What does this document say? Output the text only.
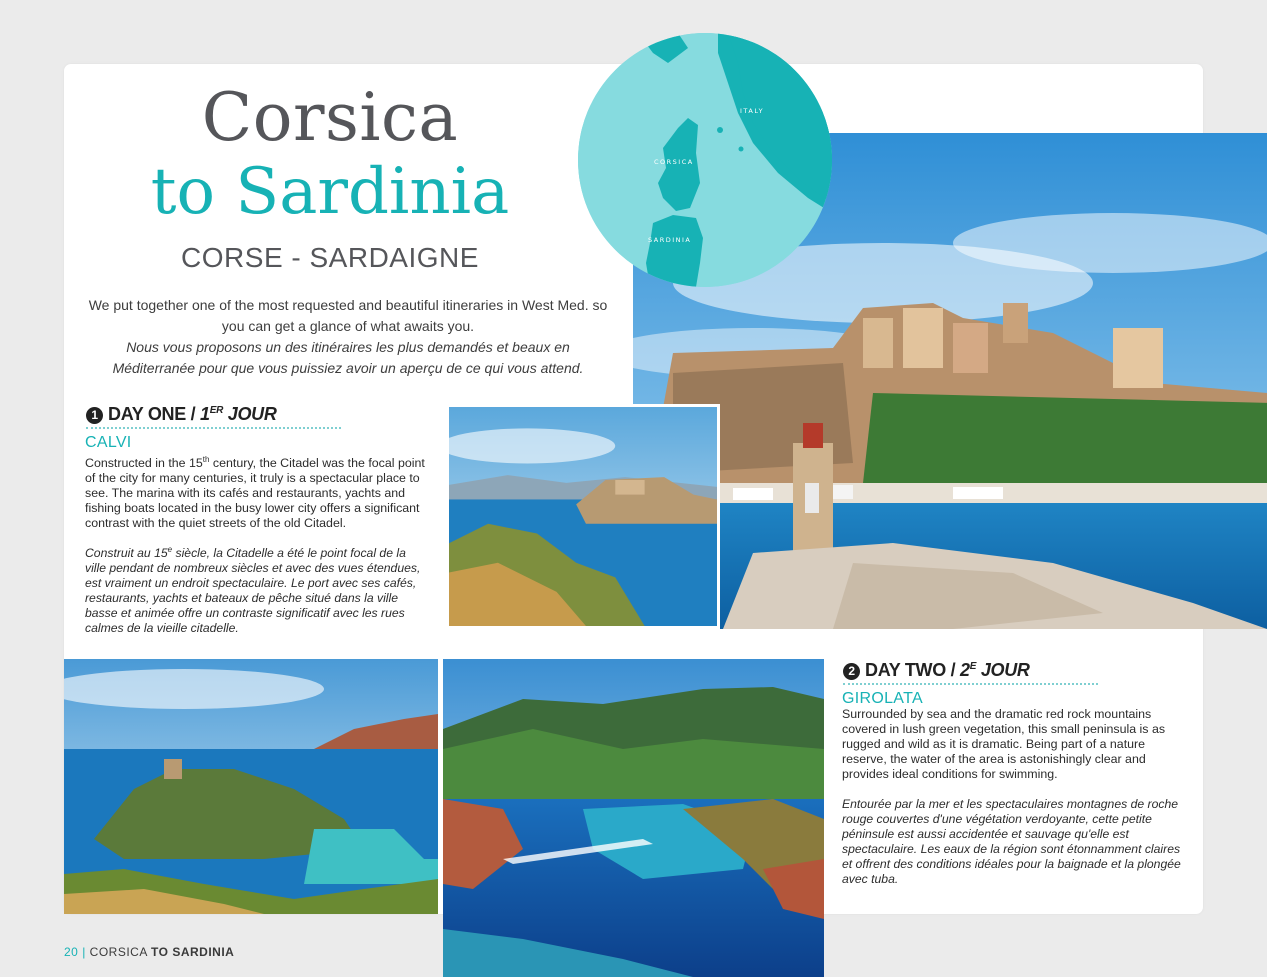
ITALY
CORSICA
SARDINIA
Corsica
to Sardinia
CORSE - SARDAIGNE
We put together one of the most requested and beautiful itineraries in West Med. so you can get a glance of what awaits you.
Nous vous proposons un des itinéraires les plus demandés et beaux en Méditerranée pour que vous puissiez avoir un aperçu de ce qui vous attend.
1 DAY ONE / 1ER JOUR
CALVI
Constructed in the 15th century, the Citadel was the focal point of the city for many centuries, it truly is a spectacular place to see. The marina with its cafés and restaurants, yachts and fishing boats located in the busy lower city offers a significant contrast with the quiet streets of the old Citadel.
Construit au 15e siècle, la Citadelle a été le point focal de la ville pendant de nombreux siècles et avec des vues étendues, est vraiment un endroit spectaculaire. Le port avec ses cafés, restaurants, yachts et bateaux de pêche situé dans la ville basse et animée offre un contraste significatif avec les rues calmes de la vieille citadelle.
2 DAY TWO / $2^E$ JOUR
GIROLATA
Surrounded by sea and the dramatic red rock mountains covered in lush green vegetation, this small peninsula is as rugged and wild as it is dramatic. Being part of a nature reserve, the water of the area is astonishingly clear and provides ideal conditions for swimming.
Entourée par la mer et les spectaculaires montagnes de roche rouge couvertes d'une végétation verdoyante, cette petite péninsule est aussi accidentée et sauvage qu'elle est spectaculaire. Les eaux de la région sont étonnamment claires et offrent des conditions idéales pour la baignade et la plongée avec tuba.
20 | CORSICA TO SARDINIA
